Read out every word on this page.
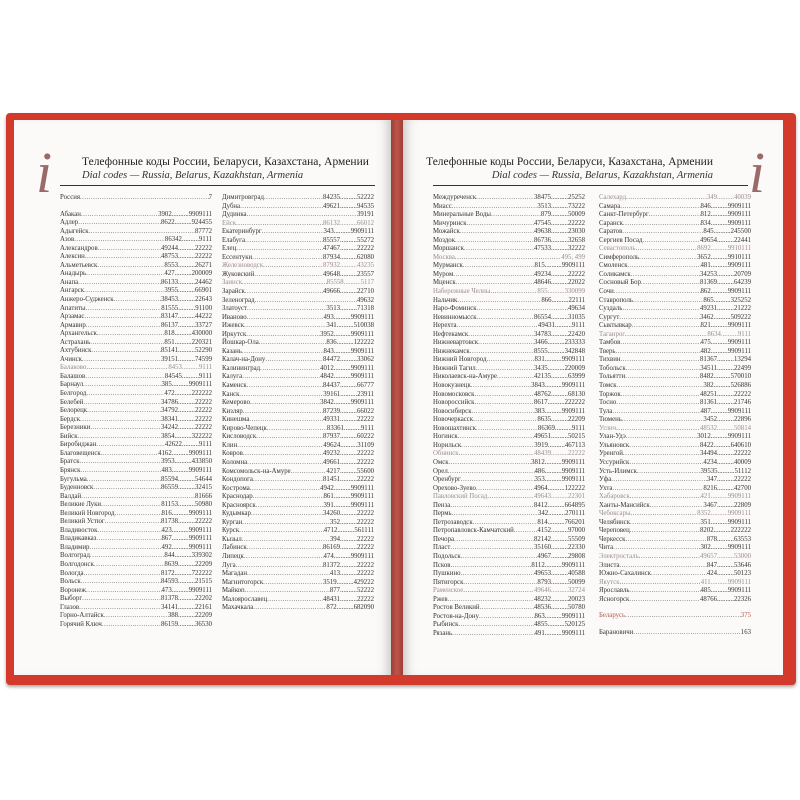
i	Телефонные коды России, Беларуси, Казахстана, Армении
Dial codes — Russia, Belarus, Kazakhstan, Armenia
Россия .....	7
Абакан .....	3902..........9909111
Адлер .....	8622..........924455
Адыгейск .....	87772
Азов .....	86342..........9111
Александров .....	49244..........22222
Алексин .....	48753..........22222
Альметьевск .....	8553..........26271
Анадырь .....	427..........200009
Анапа .....	86133..........24462
Ангарск .....	3955..........66901
Анжеро-Судженск .....	38453..........22643
Апатиты .....	81555..........91100
Арзамас .....	83147..........44222
Армавир .....	86137..........33727
Архангельск .....	818..........430000
Астрахань .....	851..........220321
Ахтубинск .....	85141..........52290
Ачинск .....	39151..........74599
Балаково .....	8453..........9111
Балашов .....	84545..........9111
Барнаул .....	385..........9909111
Белгород .....	472..........222222
Белебей .....	34786..........22222
Белорецк .....	34792..........22222
Бердск .....	38341..........22222
Березники .....	34242..........22222
Бийск .....	3854..........322222
Биробиджан .....	42622..........9111
Благовещенск .....	4162..........9909111
Братск .....	3953..........433850
Брянск .....	483..........9909111
Бугульма .....	85594..........54644
Буденновск .....	86559..........32415
Валдай .....	81666
Великие Луки .....	81153..........50980
Великий Новгород .....	816..........9909111
Великий Устюг .....	81738..........22222
Владивосток .....	423..........9909111
Владикавказ .....	867..........9909111
Владимир .....	492..........9909111
Волгоград .....	844..........339302
Волгодонск .....	8639..........22209
Вологда .....	8172..........722222
Вольск .....	84593..........21515
Воронеж .....	473..........9909111
Выборг .....	81378..........22202
Глазов .....	34141..........22161
Горно-Алтайск .....	388..........22209
Горячий Ключ .....	86159..........36530
Димитровград .....	84235..........52222
Дубна .....	49621..........94535
Дудинка .....	39191
Ейск .....	86132..........66012
Екатеринбург .....	343..........9909111
Елабуга .....	85557..........55272
Елец .....	47467..........22222
Ессентуки .....	87934..........62080
Железноводск .....	87932..........43235
Жуковский .....	49648..........23557
Заинск .....	85558..........5117
Зарайск .....	49666..........22710
Зеленоград .....	49632
Златоуст .....	3513..........71318
Иваново .....	493..........9909111
Ижевск .....	341..........510038
Иркутск .....	3952..........9909111
Йошкар-Ола .....	836..........122222
Казань .....	843..........9909111
Калач-на-Дону .....	84472..........33062
Калининград .....	4012..........9909111
Калуга .....	4842..........9909111
Каменск .....	84437..........66777
Канск .....	39161..........23911
Кемерово .....	3842..........9909111
Кизляр .....	87239..........66022
Кинешма .....	49331..........22222
Кирово-Чепецк .....	83361..........9111
Кисловодск .....	87937..........60222
Клин .....	49624..........31109
Ковров .....	49232..........22222
Коломна .....	49661..........22222
Комсомольск-на-Амуре .....	4217..........55600
Кондопога .....	81451..........22222
Кострома .....	4942..........9909111
Краснодар .....	861..........9909111
Красноярск .....	391..........9909111
Кудымкар .....	34260..........22222
Курган .....	352..........22222
Курск .....	4712..........561111
Кызыл .....	394..........22222
Лабинск .....	86169..........22222
Липецк .....	474..........9909111
Луга .....	81372..........22222
Магадан .....	413..........22222
Магнитогорск .....	3519..........429222
Майкоп .....	877..........52222
Малоярославец .....	48431..........22222
Махачкала .....	872..........682090
i
Телефонные коды России, Беларуси, Казахстана, Армении
Dial codes — Russia, Belarus, Kazakhstan, Armenia
Междуреченск .....	38475..........25252
Миасс .....	3513..........73222
Минеральные Воды .....	879..........50009
Мичуринск .....	47545..........22222
Можайск .....	49638..........23030
Моздок .....	86736..........32658
Моршанск .....	47533..........32222
Москва .....	495, 499
Мурманск .....	815..........9909111
Муром .....	49234..........22222
Мценск .....	48646..........22022
Набережные Челны .....	855..........330099
Нальчик .....	866..........22111
Наро-Фоминск .....	49634
Невинномысск .....	86554..........31035
Нерехта .....	49431..........9111
Нефтекамск .....	34783..........22420
Нижневартовск .....	3466..........233333
Нижнекамск .....	8555..........342848
Нижний Новгород .....	831..........9909111
Нижний Тагил .....	3435..........220009
Николаевск-на-Амуре .....	42135..........63999
Новокузнецк .....	3843..........9909111
Новомосковск .....	48762..........68130
Новороссийск .....	8617..........222222
Новосибирск .....	383..........9909111
Новочеркасск .....	8635..........22209
Новошахтинск .....	86369..........9111
Ногинск .....	49651..........50215
Норильск .....	3919..........467113
Обнинск .....	48439..........22222
Омск .....	3812..........9909111
Орел .....	486..........9909111
Оренбург .....	353..........9909111
Орехово-Зуево .....	4964..........122222
Павловский Посад .....	49643..........22301
Пенза .....	8412..........664895
Пермь .....	342..........270111
Петрозаводск .....	814..........766201
Петропавловск-Камчатский .....	4152..........97000
Печора .....	82142..........55509
Пласт .....	35160..........22330
Подольск .....	4967..........29808
Псков .....	8112..........9909111
Пушкино .....	49653..........40588
Пятигорск .....	8793..........50099
Раменское .....	49646..........32724
Ржев .....	48232..........20023
Ростов Великий .....	48536..........50780
Ростов-на-Дону .....	863..........9909111
Рыбинск .....	4855..........520125
Рязань .....	491..........9909111
Салехард .....	349..........40039
Самара .....	846..........9909111
Санкт-Петербург .....	812..........9909111
Саранск .....	834..........9909111
Саратов .....	845..........245500
Сергиев Посад .....	49654..........22441
Севастополь .....	8692..........9910111
Симферополь .....	3652..........9910111
Смоленск .....	481..........9909111
Соликамск .....	34253..........20709
Сосновый Бор .....	81369..........64239
Сочи .....	862..........9909111
Ставрополь .....	865..........325252
Суздаль .....	49231..........21222
Сургут .....	3462..........509222
Сыктывкар .....	821..........9909111
Таганрог .....	8634..........9111
Тамбов .....	475..........9909111
Тверь .....	482..........9909111
Тихвин .....	81367..........13294
Тобольск .....	34511..........22499
Тольятти .....	8482..........570010
Томск .....	382..........526886
Торжок .....	48251..........22222
Тосно .....	81361..........21746
Тула .....	487..........9909111
Тюмень .....	3452..........22896
Углич .....	48532..........50814
Улан-Удэ .....	3012..........9909111
Ульяновск .....	8422..........640610
Уренгой .....	34494..........22222
Уссурийск .....	4234..........40009
Усть-Илимск .....	39535..........51112
Уфа .....	347..........22222
Ухта .....	8216..........42700
Хабаровск .....	421..........9909111
Ханты-Мансийск .....	3467..........22809
Чебоксары .....	8352..........9909111
Челябинск .....	351..........9909111
Череповец .....	8202..........222222
Черкесск .....	878..........63553
Чита .....	302..........9909111
Электросталь .....	49657..........53000
Элиста .....	847..........53646
Южно-Сахалинск .....	424..........50123
Якутск .....	411..........9909111
Ярославль .....	485..........9909111
Ясногорск .....	48766..........22326
Беларусь .....	375
Барановичи .....	163
